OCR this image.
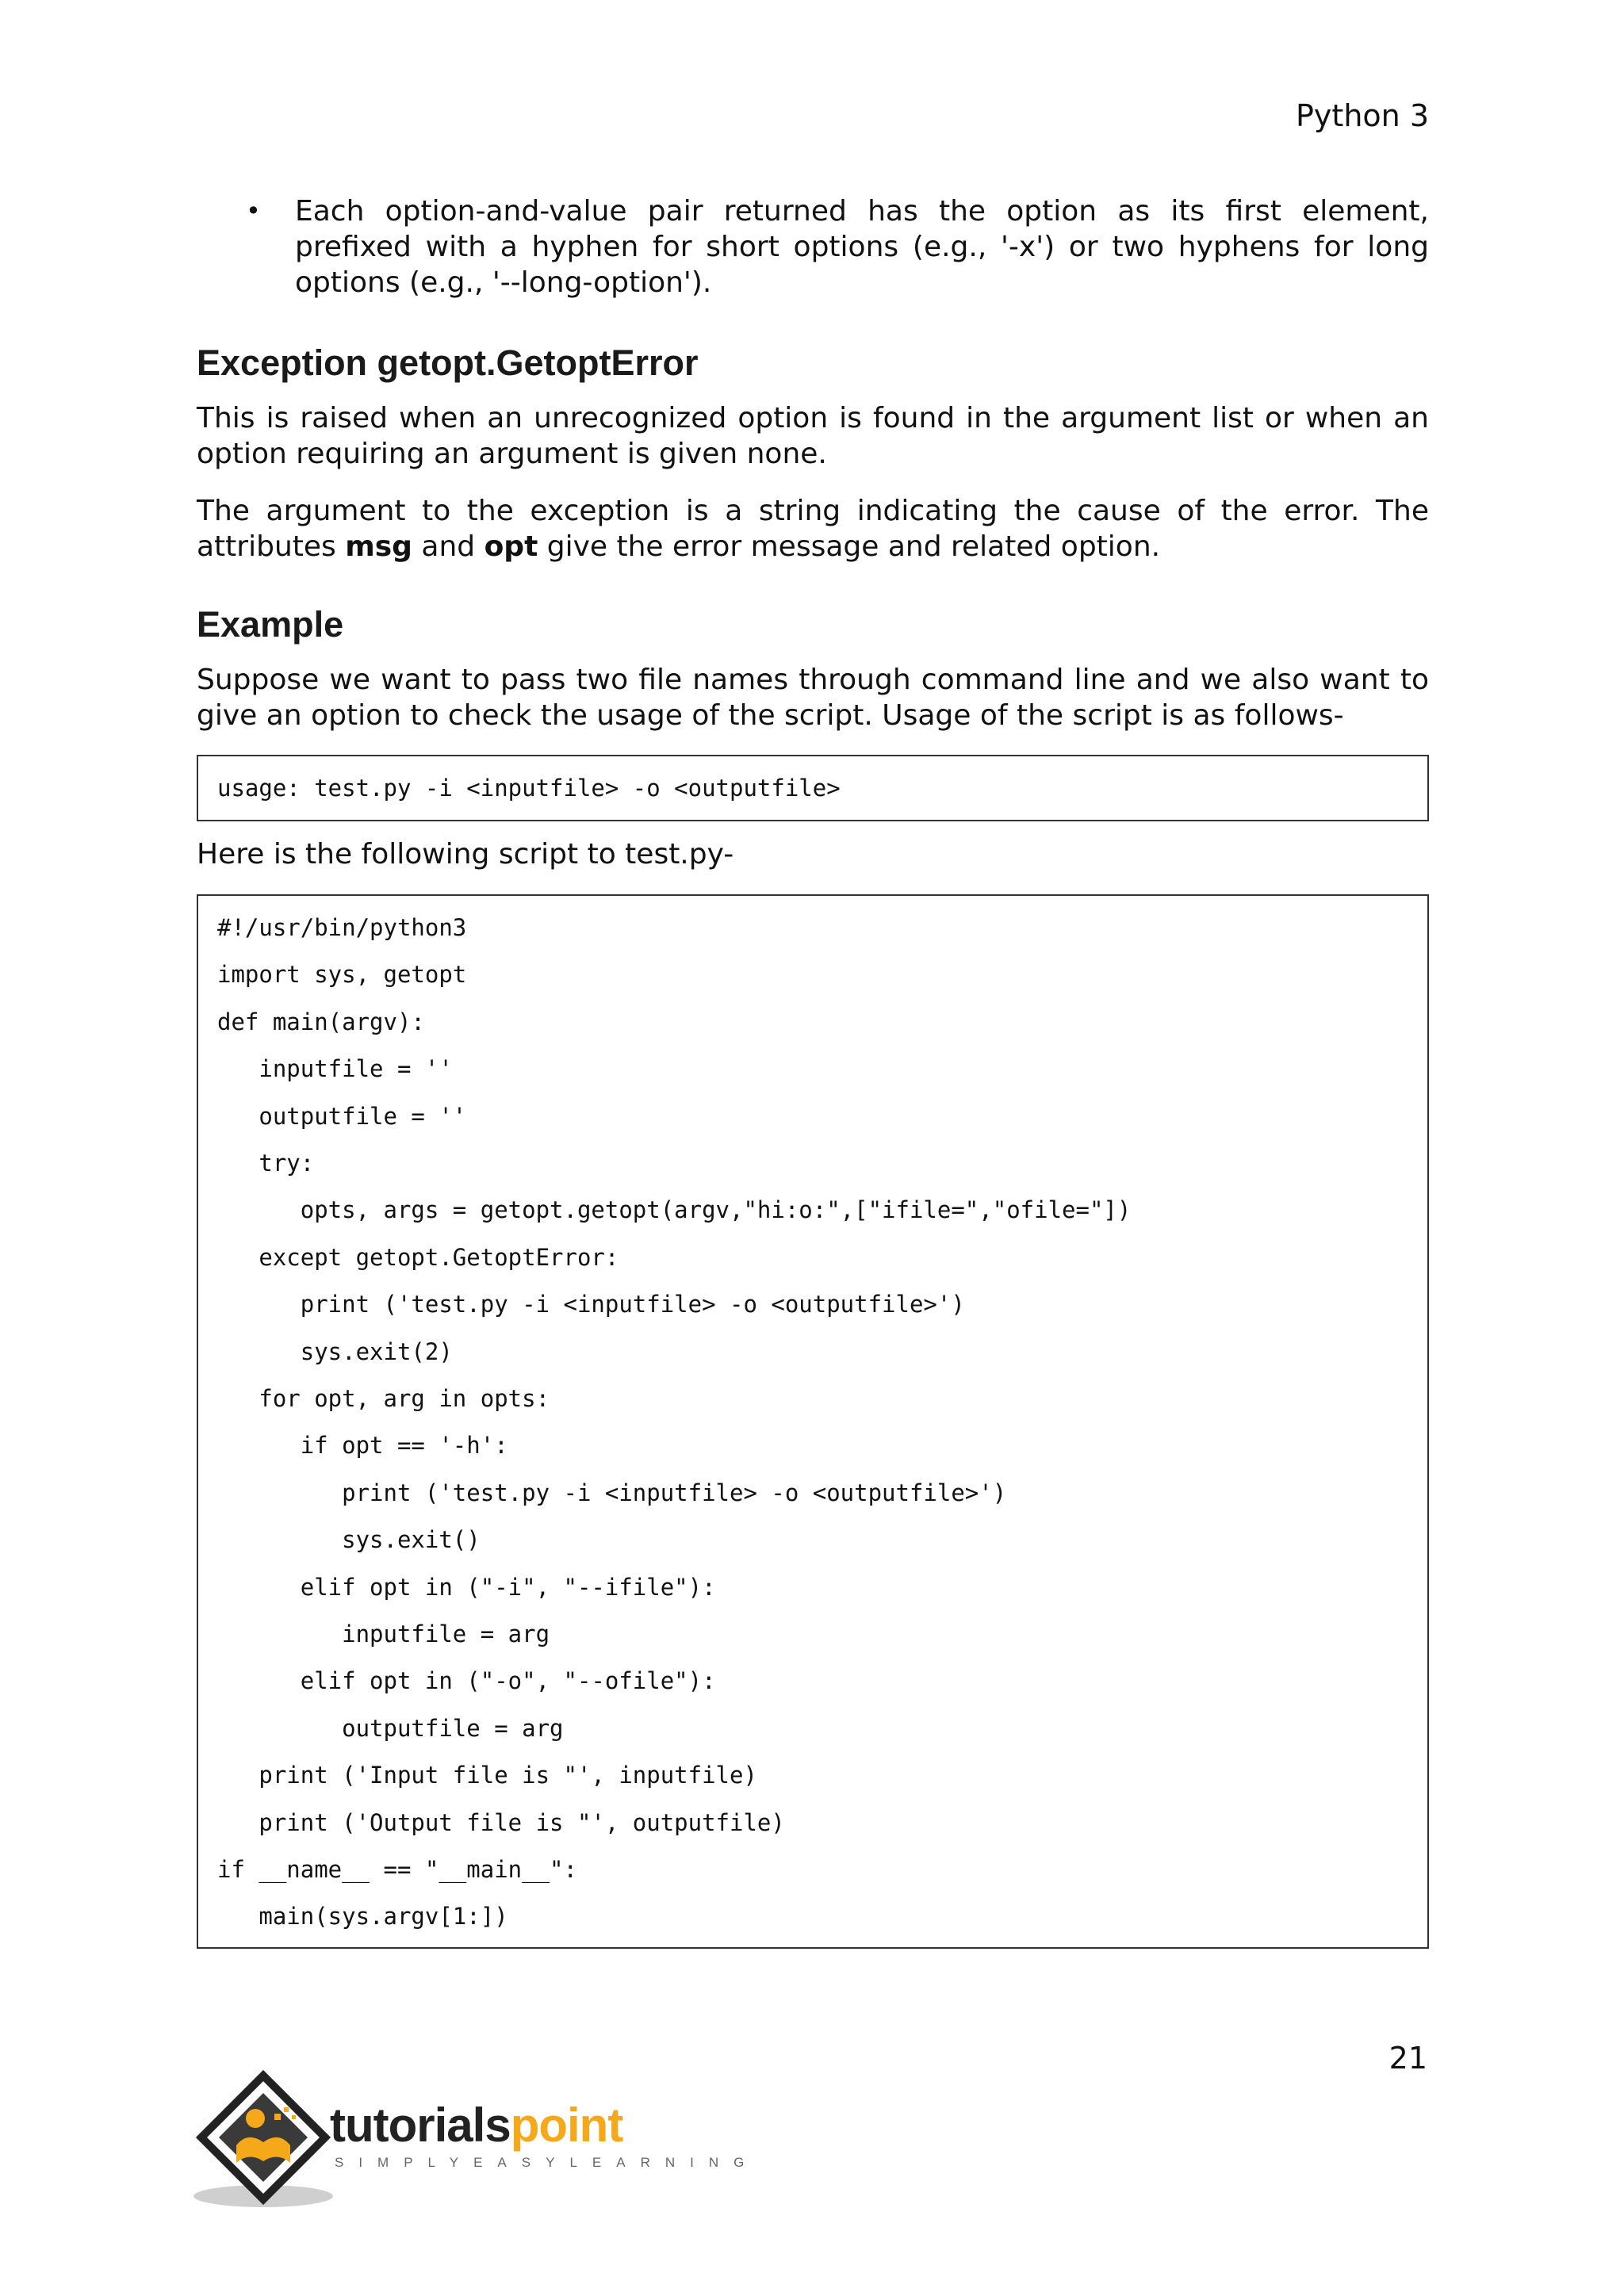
Python 3
• Each option-and-value pair returned has the option as its first element, prefixed with a hyphen for short options (e.g., '-x') or two hyphens for long options (e.g., '--long-option').
Exception getopt.GetoptError

This is raised when an unrecognized option is found in the argument list or when an option requiring an argument is given none.

The argument to the exception is a string indicating the cause of the error. The attributes msg and opt give the error message and related option.

Example

Suppose we want to pass two file names through command line and we also want to give an option to check the usage of the script. Usage of the script is as follows-

Here is the following script to test.py-

usage: test.py -i <inputfile> -o <outputfile>
#!/usr/bin/python3
import sys, getopt
def main(argv):
inputfile = ''
outputfile = ''
try:
opts, args = getopt.getopt(argv,"hi:o:",["ifile=","ofile="])
except getopt.GetoptError:
print ('test.py -i <inputfile> -o <outputfile>')
sys.exit(2)
for opt, arg in opts:
if opt == '-h':
print ('test.py -i <inputfile> -o <outputfile>')
sys.exit()
elif opt in ("-i", "--ifile"):
inputfile = arg
elif opt in ("-o", "--ofile"):
outputfile = arg
print ('Input file is "', inputfile)
print ('Output file is "', outputfile)
if __name__ == "__main__":
main(sys.argv[1:])
21
tutorialspoint
SIMPLYEASYLEARNING
